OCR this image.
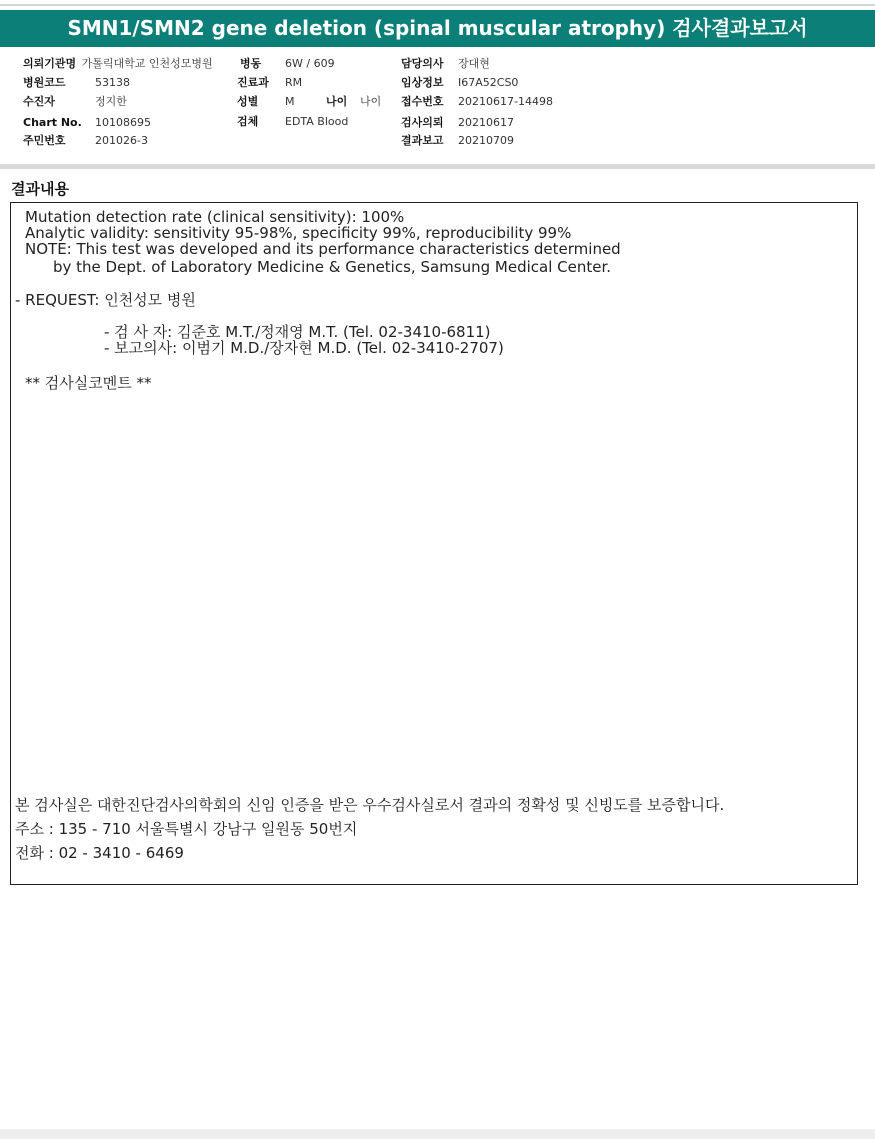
SMN1/SMN2 gene deletion (spinal muscular atrophy) 검사결과보고서
의뢰기관명 가톨릭대학교 인천성모병원
병원코드	53138
수진자	정지한
Chart No. 10108695
주민번호	201026-3
병동 6W / 609
진료과 RM
성별 M	나이 나이
검체 EDTA Blood
담당의사 장대현
임상정보 I67A52CS0
접수번호 20210617-14498
검사의뢰 20210617
결과보고 20210709
결과내용
Mutation detection rate (clinical sensitivity): 100%
Analytic validity: sensitivity 95-98%, specificity 99%, reproducibility 99%
NOTE: This test was developed and its performance characteristics determined
by the Dept. of Laboratory Medicine & Genetics, Samsung Medical Center.
- REQUEST: 인천성모 병원
- 검 사 자: 김준호 M.T./정재영 M.T. (Tel. 02-3410-6811)
- 보고의사: 이범기 M.D./장자현 M.D. (Tel. 02-3410-2707)
** 검사실코멘트 **
본 검사실은 대한진단검사의학회의 신임 인증을 받은 우수검사실로서 결과의 정확성 및 신빙도를 보증합니다.
주소 : 135 - 710 서울특별시 강남구 일원동 50번지
전화 : 02 - 3410 - 6469
